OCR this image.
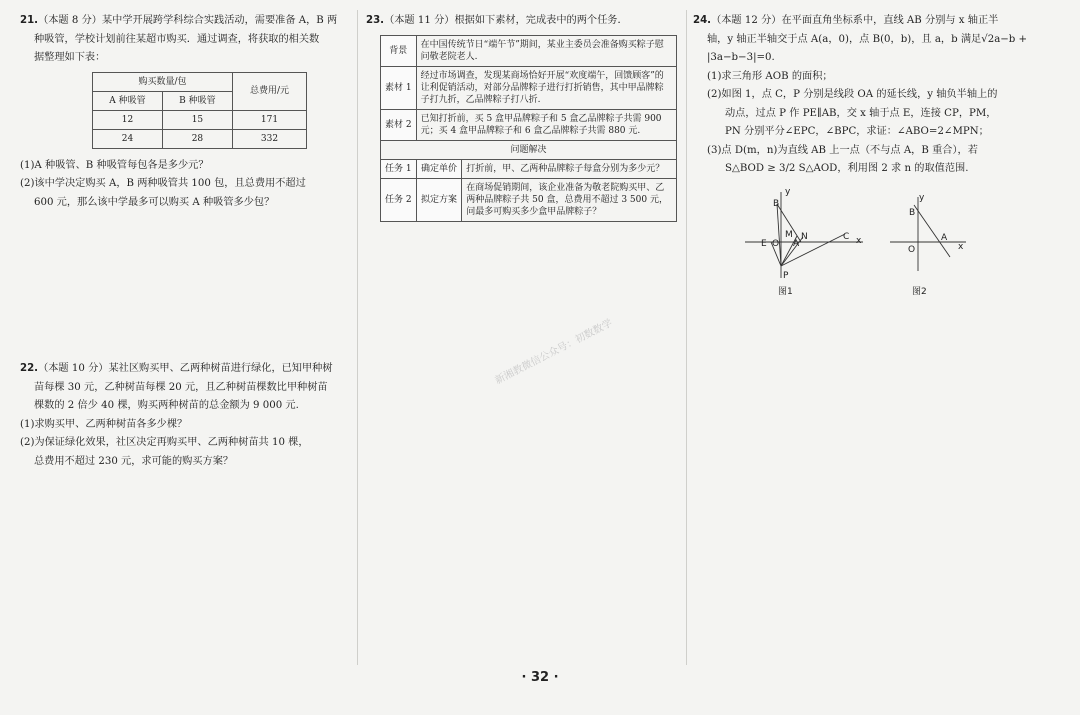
21.（本题 8 分）某中学开展跨学科综合实践活动，需要准备 A，B 两

种吸管，学校计划前往某超市购买．通过调查，将获取的相关数

据整理如下表：

购买数量/包		总费用/元
A 种吸管	B 种吸管	
12	15	171
24	28	332

(1)A 种吸管、B 种吸管每包各是多少元？

(2)该中学决定购买 A，B 两种吸管共 100 包，且总费用不超过

600 元，那么该中学最多可以购买 A 种吸管多少包？

22.（本题 10 分）某社区购买甲、乙两种树苗进行绿化，已知甲种树

苗每棵 30 元，乙种树苗每棵 20 元，且乙种树苗棵数比甲种树苗

棵数的 2 倍少 40 棵，购买两种树苗的总金额为 9 000 元.

(1)求购买甲、乙两种树苗各多少棵？

(2)为保证绿化效果，社区决定再购买甲、乙两种树苗共 10 棵，

总费用不超过 230 元，求可能的购买方案？

23.（本题 11 分）根据如下素材，完成表中的两个任务．

背景	在中国传统节日“端午节”期间，某业主委员会准备购买粽子慰问敬老院老人.	
素材 1	经过市场调查，发现某商场恰好开展“欢度端午，回馈顾客”的让利促销活动，对部分品牌粽子进行打折销售，其中甲品牌粽子打九折，乙品牌粽子打八折.	
素材 2	已知打折前，买 5 盒甲品牌粽子和 5 盒乙品牌粽子共需 900 元；买 4 盒甲品牌粽子和 6 盒乙品牌粽子共需 880 元.	
问题解决		
任务 1	确定单价	打折前，甲、乙两种品牌粽子每盒分别为多少元？
任务 2	拟定方案	在商场促销期间，该企业准备为敬老院购买甲、乙两种品牌粽子共 50 盒，总费用不超过 3 500 元，问最多可购买多少盒甲品牌粽子？
新湘教微信公众号：初数数学

24.（本题 12 分）在平面直角坐标系中，直线 AB 分别与 x 轴正半

轴，y 轴正半轴交于点 A(a，0)，点 B(0，b)，且 a，b 满足√2a−b +

|3a−b−3|=0.

(1)求三角形 AOB 的面积；

(2)如图 1，点 C，P 分别是线段 OA 的延长线，y 轴负半轴上的

动点，过点 P 作 PE∥AB，交 x 轴于点 E，连接 CP，PM，

PN 分别平分∠EPC，∠BPC，求证：∠ABO=2∠MPN；

(3)点 D(m，n)为直线 AB 上一点（不与点 A，B 重合），若

S△BOD ≥ 3/2 S△AOD，利用图 2 求 n 的取值范围.

y
B
M N	C x
E O A
P
图1
y
B
A
O	x
图2
· 32 ·
